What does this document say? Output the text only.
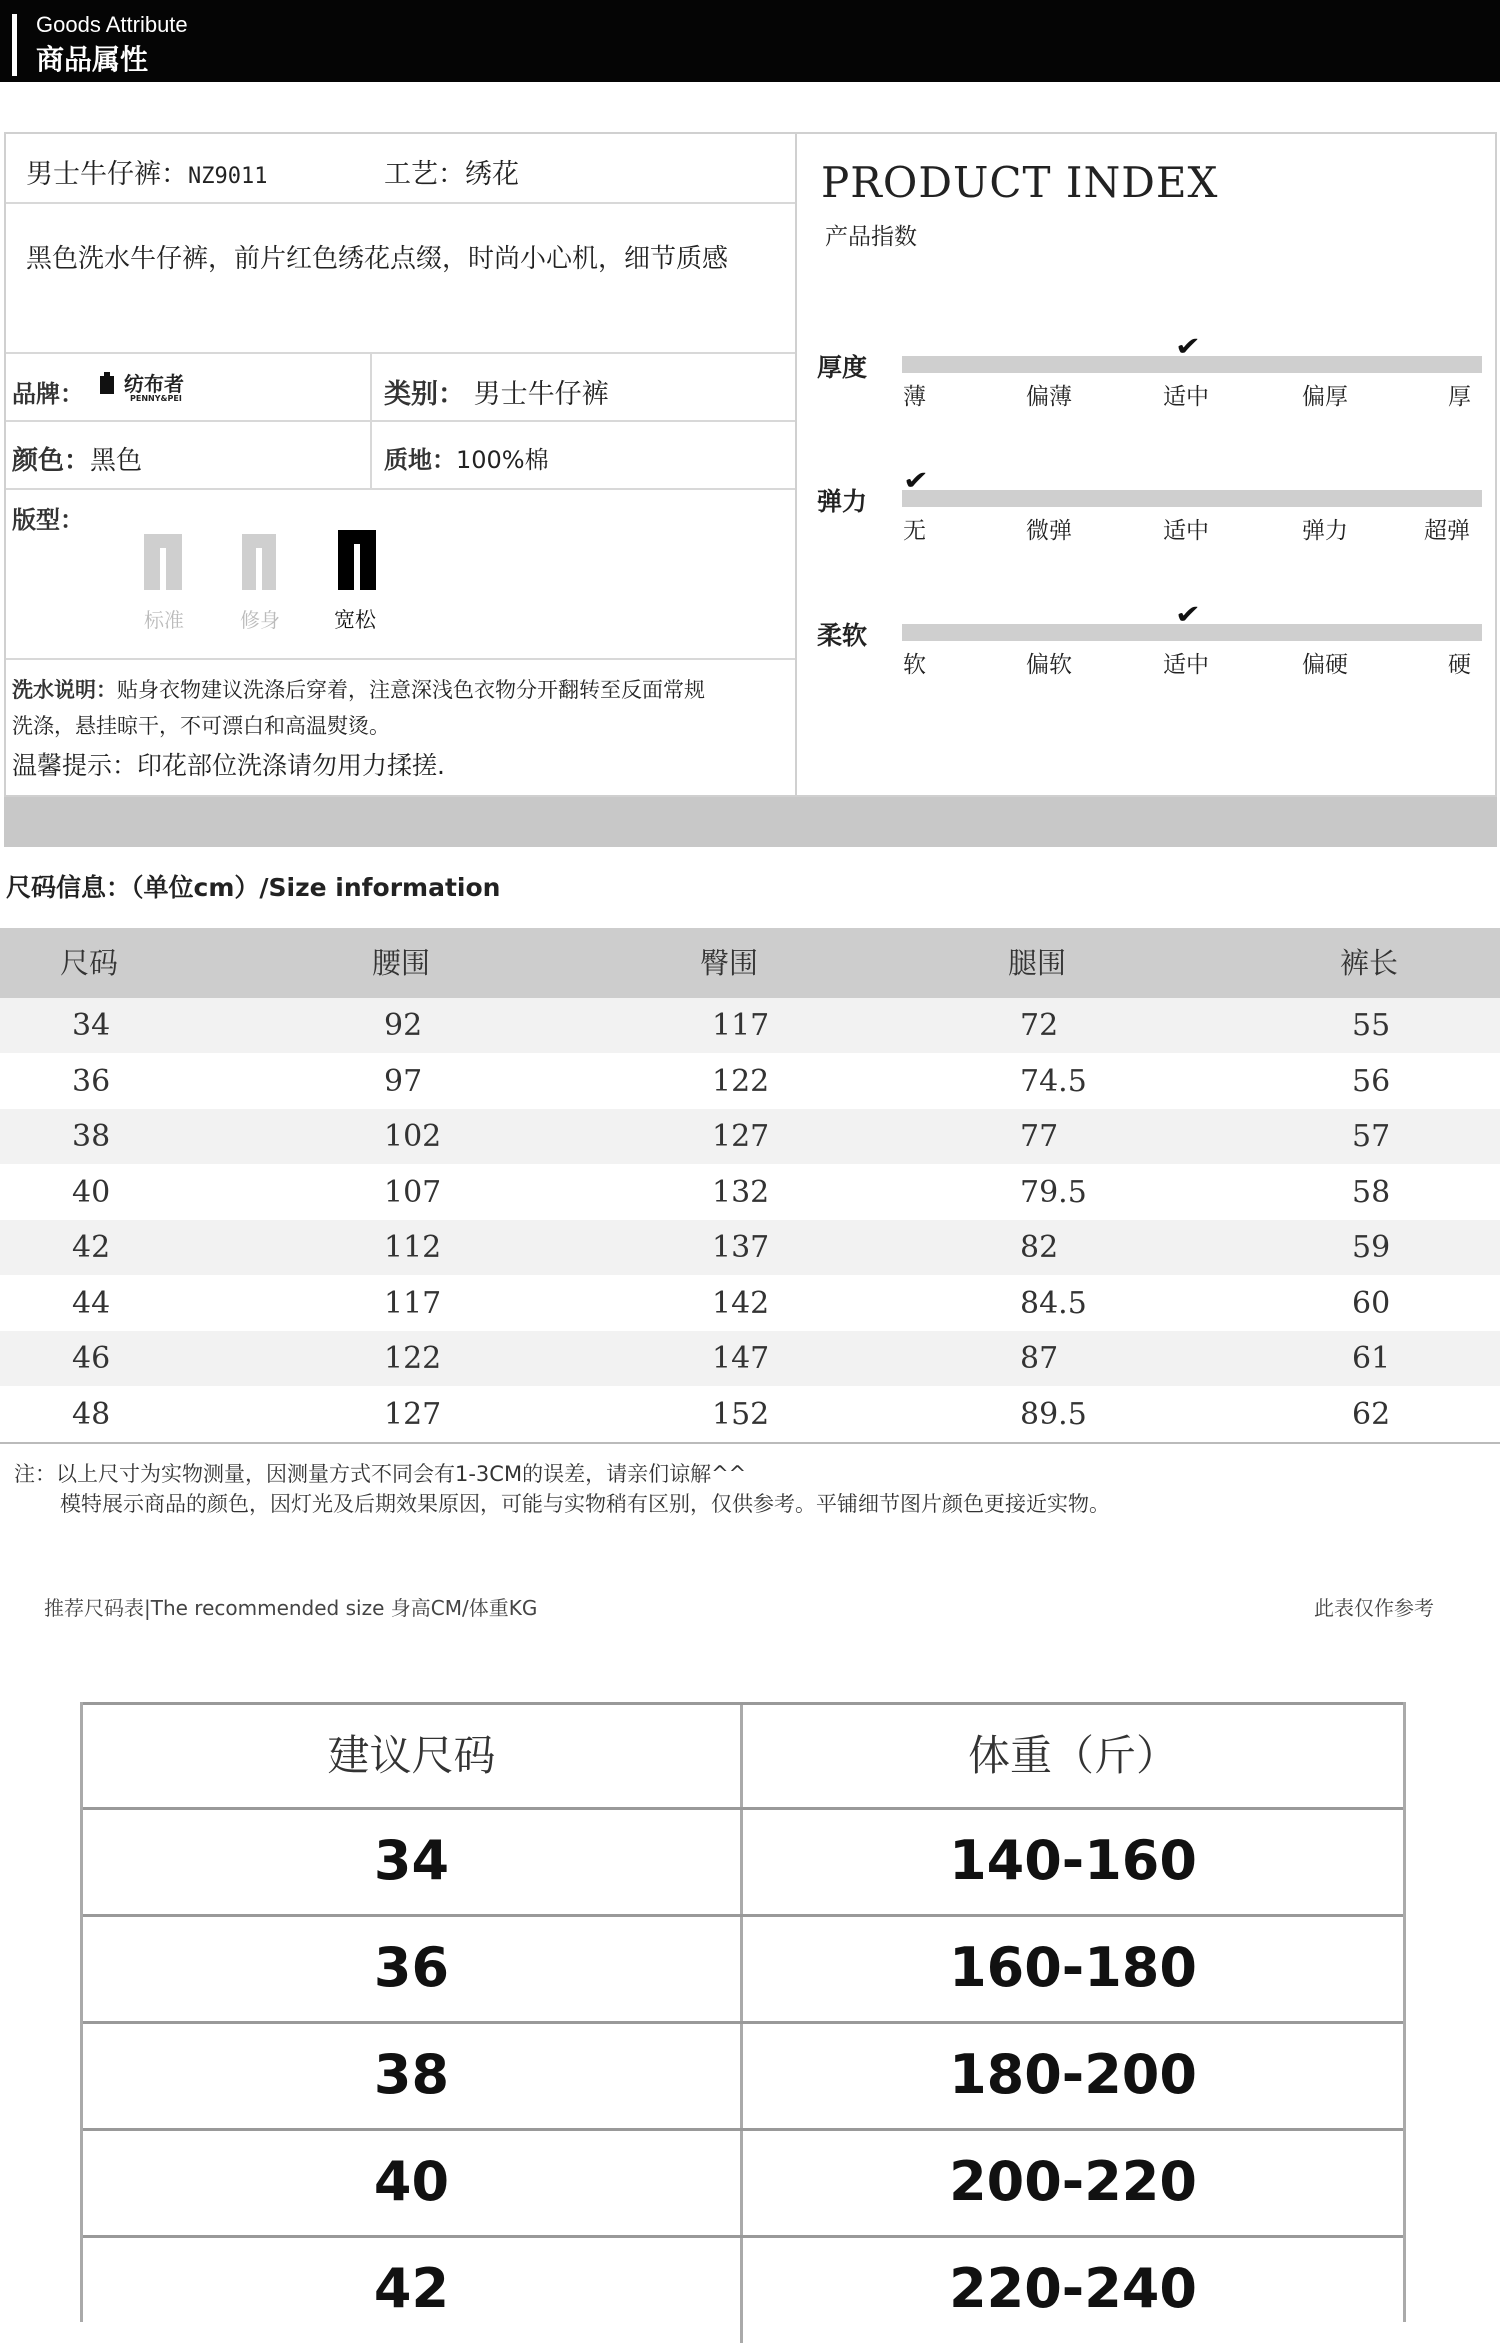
Goods Attribute
商品属性
男士牛仔裤：NZ9011	工艺：绣花
黑色洗水牛仔裤，前片红色绣花点缀，时尚小心机，细节质感
品牌： 纺布者
PENNY&PEI	类别： 男士牛仔裤
颜色：黑色	质地：100%棉
版型：
标准	修身	宽松
洗水说明：贴身衣物建议洗涤后穿着，注意深浅色衣物分开翻转至反面常规
洗涤，悬挂晾干，不可漂白和高温熨烫。
温馨提示：印花部位洗涤请勿用力揉搓.
PRODUCT INDEX
产品指数
厚度
薄	偏薄	适中	偏厚	厚
✔
弹力
无	微弹	适中	弹力	超弹
✔
柔软
软	偏软	适中	偏硬	硬
✔
尺码信息：（单位cm）/Size information
尺码	腰围	臀围	腿围	裤长
34	92	117	72	55
36	97	122	74.5	56
38	102	127	77	57
40	107	132	79.5	58
42	112	137	82	59
44	117	142	84.5	60
46	122	147	87	61
48	127	152	89.5	62
注：以上尺寸为实物测量，因测量方式不同会有1-3CM的误差，请亲们谅解^^
模特展示商品的颜色，因灯光及后期效果原因，可能与实物稍有区别，仅供参考。平铺细节图片颜色更接近实物。
推荐尺码表|The recommended size 身高CM/体重KG	此表仅作参考
建议尺码	体重（斤）
34	140-160
36	160-180
38	180-200
40	200-220
42	220-240
